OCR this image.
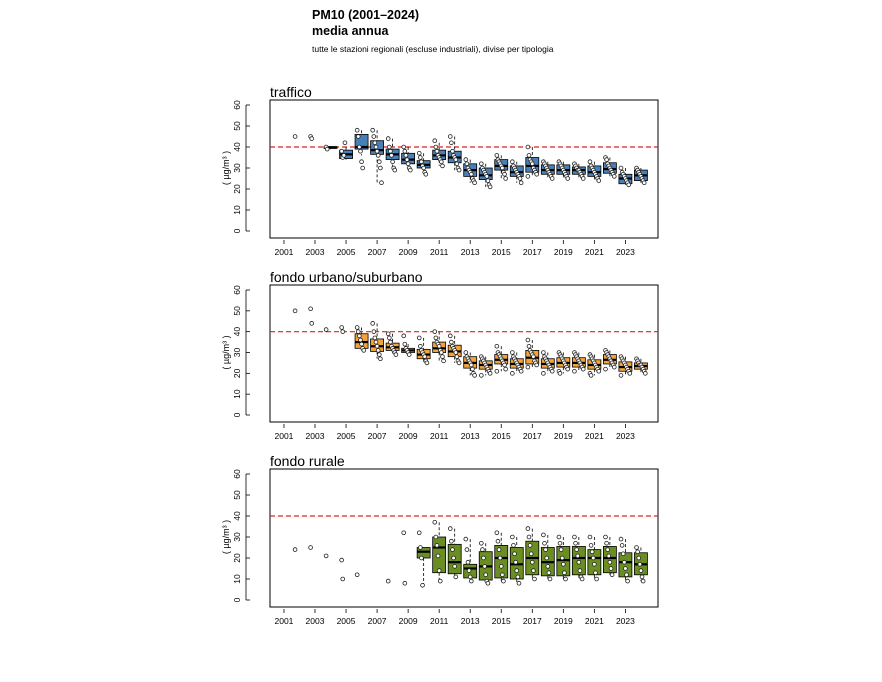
PM10 (2001–2024)
media annua
tutte le stazioni regionali (escluse industriali), divise per tipologia
traffico
0
10
20
30
40
50
60
( µg/m³ )
2001 2003 2005 2007 2009 2011 2013 2015 2017 2019 2021 2023
fondo urbano/suburbano
0
10
20
30
40
50
60
( µg/m³ )
2001 2003 2005 2007 2009 2011 2013 2015 2017 2019 2021 2023
fondo rurale
0
10
20
30
40
50
60
( µg/m³ )
2001 2003 2005 2007 2009 2011 2013 2015 2017 2019 2021 2023
